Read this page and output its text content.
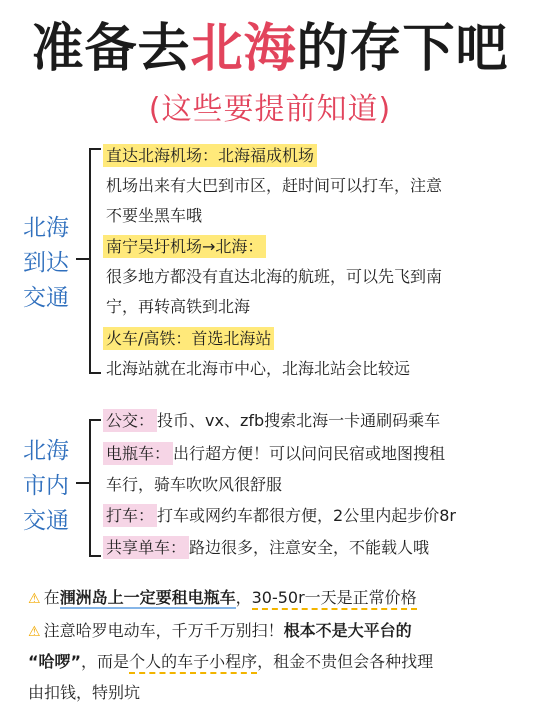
准备去北海的存下吧
(这些要提前知道)
北海
到达
交通
直达北海机场：北海福成机场
机场出来有大巴到市区，赶时间可以打车，注意
不要坐黑车哦
南宁吴圩机场→北海：
很多地方都没有直达北海的航班，可以先飞到南
宁，再转高铁到北海
火车/高铁：首选北海站
北海站就在北海市中心，北海北站会比较远
北海
市内
交通
公交： 投币、vx、zfb搜索北海一卡通刷码乘车
电瓶车： 出行超方便！可以问问民宿或地图搜租
车行，骑车吹吹风很舒服
打车： 打车或网约车都很方便，2公里内起步价8r
共享单车： 路边很多，注意安全，不能载人哦
⚠ 在涠洲岛上一定要租电瓶车，30-50r一天是正常价格
⚠ 注意哈罗电动车，千万千万别扫！根本不是大平台的
“哈啰”，而是个人的车子小程序，租金不贵但会各种找理
由扣钱，特别坑
